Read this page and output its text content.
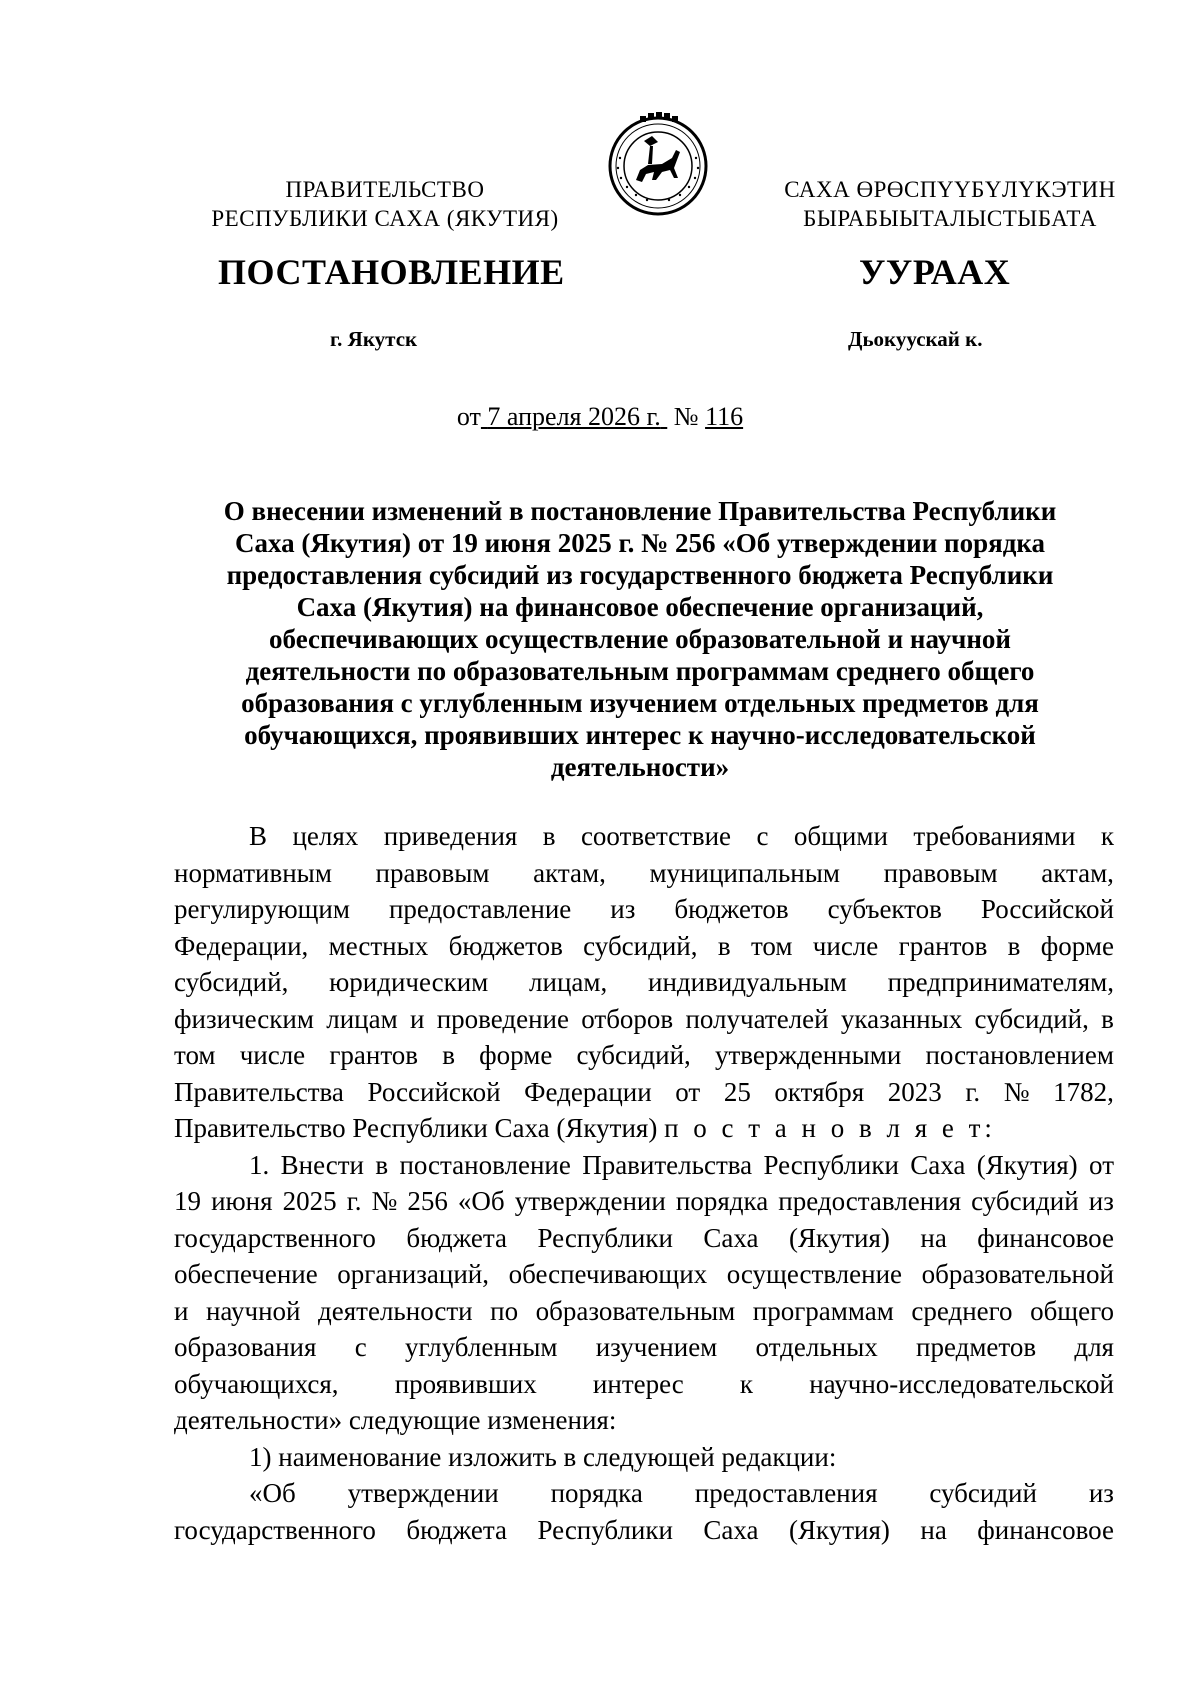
ПРАВИТЕЛЬСТВО
РЕСПУБЛИКИ САХА (ЯКУТИЯ)
САХА ӨРӨСПҮҮБҮЛҮКЭТИН
БЫРАБЫЫТАЛЫСТЫБАТА
ПОСТАНОВЛЕНИЕ	УУРААХ
г. Якутск	Дьокуускай к.
от 7 апреля 2026 г. № 116
О внесении изменений в постановление Правительства Республики
Саха (Якутия) от 19 июня 2025 г. № 256 «Об утверждении порядка
предоставления субсидий из государственного бюджета Республики
Саха (Якутия) на финансовое обеспечение организаций,
обеспечивающих осуществление образовательной и научной
деятельности по образовательным программам среднего общего
образования с углубленным изучением отдельных предметов для
обучающихся, проявивших интерес к научно-исследовательской
деятельности»
В целях приведения в соответствие с общими требованиями к
нормативным правовым актам, муниципальным правовым актам,
регулирующим предоставление из бюджетов субъектов Российской
Федерации, местных бюджетов субсидий, в том числе грантов в форме
субсидий, юридическим лицам, индивидуальным предпринимателям,
физическим лицам и проведение отборов получателей указанных субсидий, в
том числе грантов в форме субсидий, утвержденными постановлением
Правительства Российской Федерации от 25 октября 2023 г. № 1782,
Правительство Республики Саха (Якутия) п о с т а н о в л я е т:
1. Внести в постановление Правительства Республики Саха (Якутия) от
19 июня 2025 г. № 256 «Об утверждении порядка предоставления субсидий из
государственного бюджета Республики Саха (Якутия) на финансовое
обеспечение организаций, обеспечивающих осуществление образовательной
и научной деятельности по образовательным программам среднего общего
образования с углубленным изучением отдельных предметов для
обучающихся, проявивших интерес к научно-исследовательской
деятельности» следующие изменения:
1) наименование изложить в следующей редакции:
«Об утверждении порядка предоставления субсидий из
государственного бюджета Республики Саха (Якутия) на финансовое
